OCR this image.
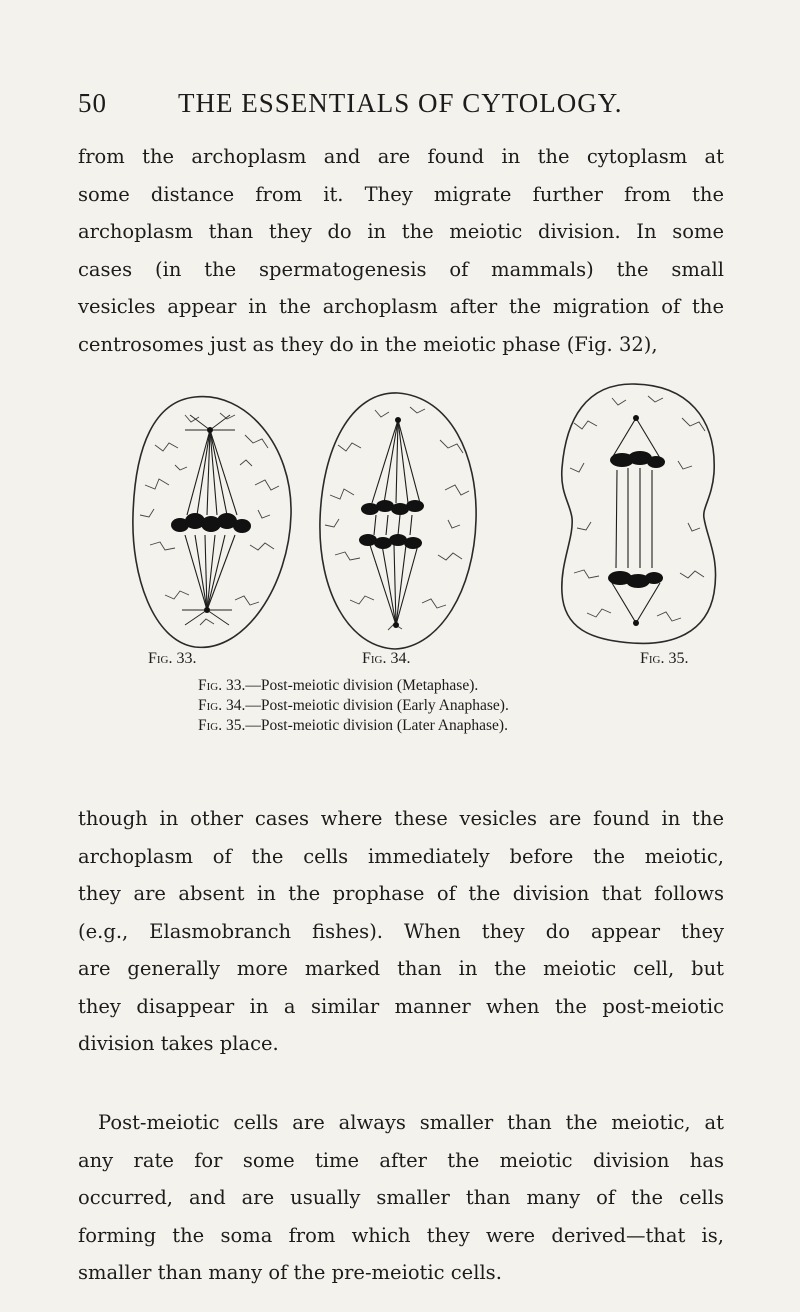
50	THE ESSENTIALS OF CYTOLOGY.

from the archoplasm and are found in the cytoplasm at
some distance from it. They migrate further from the
archoplasm than they do in the meiotic division. In some
cases (in the spermatogenesis of mammals) the small
vesicles appear in the archoplasm after the migration of the
centrosomes just as they do in the meiotic phase (Fig. 32),

Fig. 33.	Fig. 34.	Fig. 35.
Fig. 33.—Post-meiotic division (Metaphase).
Fig. 34.—Post-meiotic division (Early Anaphase).
Fig. 35.—Post-meiotic division (Later Anaphase).

though in other cases where these vesicles are found in the
archoplasm of the cells immediately before the meiotic,
they are absent in the prophase of the division that follows
(e.g., Elasmobranch fishes). When they do appear they
are generally more marked than in the meiotic cell, but
they disappear in a similar manner when the post-meiotic
division takes place.

Post-meiotic cells are always smaller than the meiotic, at
any rate for some time after the meiotic division has
occurred, and are usually smaller than many of the cells
forming the soma from which they were derived—that is,
smaller than many of the pre-meiotic cells.
